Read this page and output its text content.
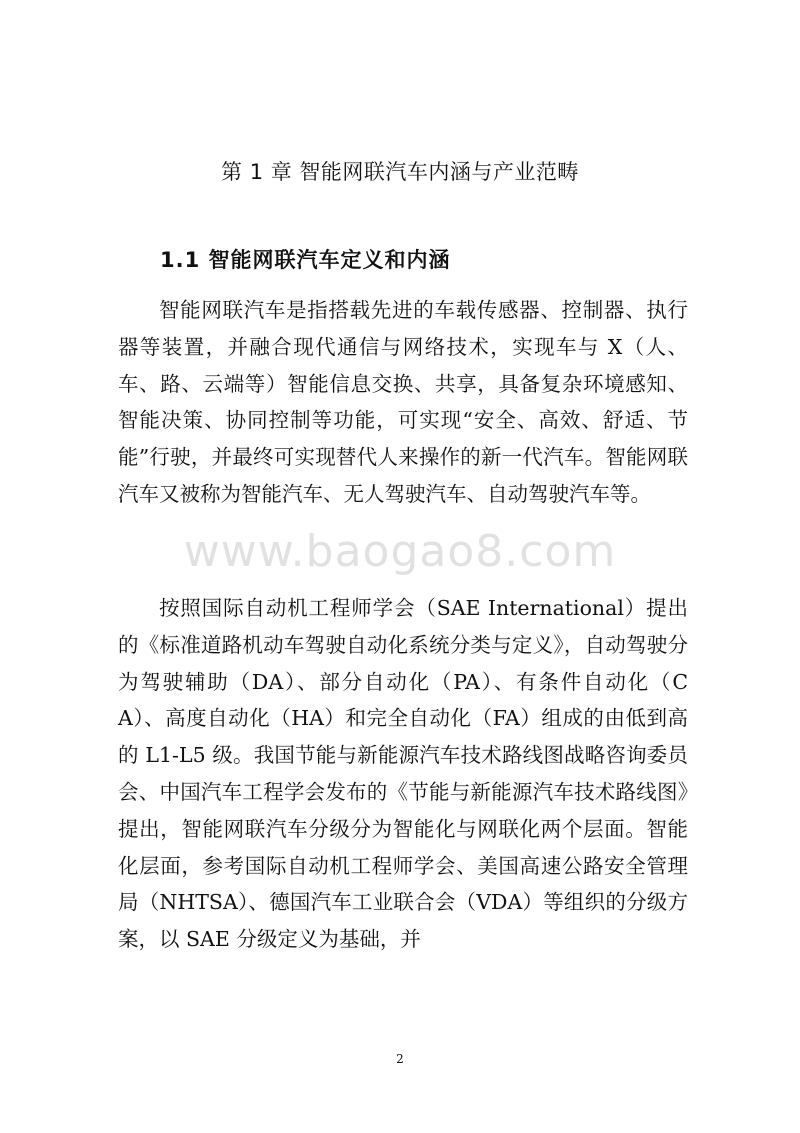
第 1 章 智能网联汽车内涵与产业范畴
1.1 智能网联汽车定义和内涵

智能网联汽车是指搭载先进的车载传感器、控制器、执行器等装置，并融合现代通信与网络技术，实现车与 X（人、车、路、云端等）智能信息交换、共享，具备复杂环境感知、智能决策、协同控制等功能，可实现“安全、高效、舒适、节能”行驶，并最终可实现替代人来操作的新一代汽车。智能网联汽车又被称为智能汽车、无人驾驶汽车、自动驾驶汽车等。

按照国际自动机工程师学会（SAE International）提出的《标准道路机动车驾驶自动化系统分类与定义》，自动驾驶分为驾驶辅助（DA）、部分自动化（PA）、有条件自动化（CA）、高度自动化（HA）和完全自动化（FA）组成的由低到高的 L1-L5 级。我国节能与新能源汽车技术路线图战略咨询委员会、中国汽车工程学会发布的《节能与新能源汽车技术路线图》提出，智能网联汽车分级分为智能化与网联化两个层面。智能化层面，参考国际自动机工程师学会、美国高速公路安全管理局（NHTSA）、德国汽车工业联合会（VDA）等组织的分级方案，以 SAE 分级定义为基础，并

www.baogao8.com
2
